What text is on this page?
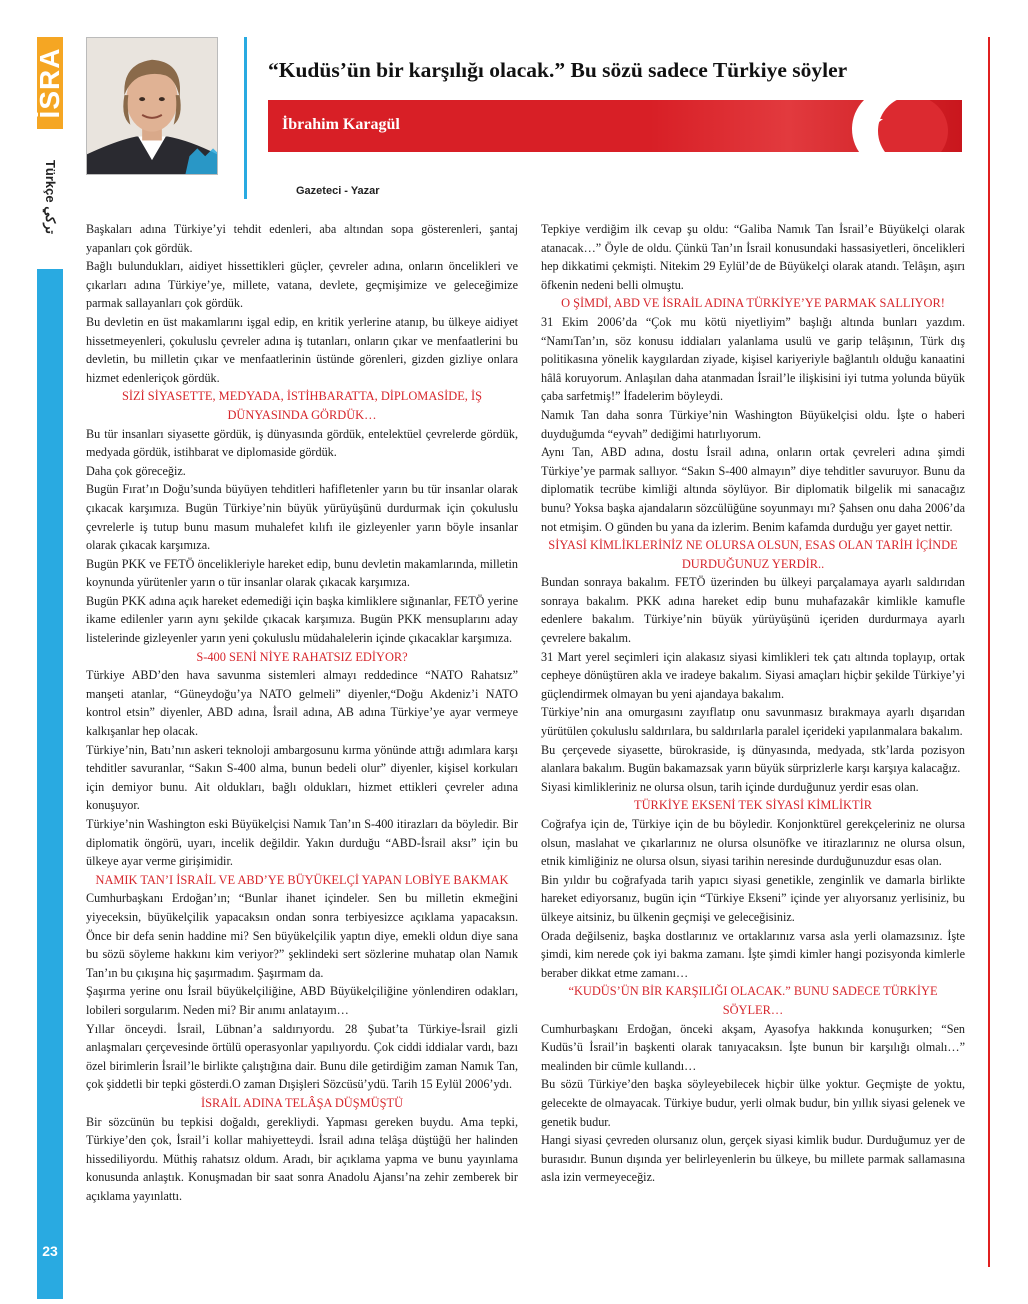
İSRA
Türkçe تركي
23
“Kudüs’ün bir karşılığı olacak.” Bu sözü sadece Türkiye söyler
İbrahim Karagül
Gazeteci - Yazar

Başkaları adına Türkiye’yi tehdit edenleri, aba altından sopa gösterenleri, şantaj yapanları çok gördük.

Bağlı bulundukları, aidiyet hissettikleri güçler, çevreler adına, onların öncelikleri ve çıkarları adına Türkiye’ye, millete, vatana, devlete, geçmişimize ve geleceğimize parmak sallayanları çok gördük.

Bu devletin en üst makamlarını işgal edip, en kritik yerlerine atanıp, bu ülkeye aidiyet hissetmeyenleri, çokuluslu çevreler adına iş tutanları, onların çıkar ve menfaatlerini bu devletin, bu milletin çıkar ve menfaatlerinin üstünde görenleri, gizden gizliye onlara hizmet edenleriçok gördük.

SİZİ SİYASETTE, MEDYADA, İSTİHBARATTA, DİPLOMASİDE, İŞ DÜNYASINDA GÖRDÜK…

Bu tür insanları siyasette gördük, iş dünyasında gördük, entelektüel çevrelerde gördük, medyada gördük, istihbarat ve diplomaside gördük.

Daha çok göreceğiz.

Bugün Fırat’ın Doğu’sunda büyüyen tehditleri hafifletenler yarın bu tür insanlar olarak çıkacak karşımıza. Bugün Türkiye’nin büyük yürüyüşünü durdurmak için çokuluslu çevrelerle iş tutup bunu masum muhalefet kılıfı ile gizleyenler yarın böyle insanlar olarak çıkacak karşımıza.

Bugün PKK ve FETÖ öncelikleriyle hareket edip, bunu devletin makamlarında, milletin koynunda yürütenler yarın o tür insanlar olarak çıkacak karşımıza.

Bugün PKK adına açık hareket edemediği için başka kimliklere sığınanlar, FETÖ yerine ikame edilenler yarın aynı şekilde çıkacak karşımıza. Bugün PKK mensuplarını aday listelerinde gizleyenler yarın yeni çokuluslu müdahalelerin içinde çıkacaklar karşımıza.

S-400 SENİ NİYE RAHATSIZ EDİYOR?

Türkiye ABD’den hava savunma sistemleri almayı reddedince “NATO Rahatsız” manşeti atanlar, “Güneydoğu’ya NATO gelmeli” diyenler,“Doğu Akdeniz’i NATO kontrol etsin” diyenler, ABD adına, İsrail adına, AB adına Türkiye’ye ayar vermeye kalkışanlar hep olacak.

Türkiye’nin, Batı’nın askeri teknoloji ambargosunu kırma yönünde attığı adımlara karşı tehditler savuranlar, “Sakın S-400 alma, bunun bedeli olur” diyenler, kişisel korkuları için demiyor bunu. Ait oldukları, bağlı oldukları, hizmet ettikleri çevreler adına konuşuyor.

Türkiye’nin Washington eski Büyükelçisi Namık Tan’ın S-400 itirazları da böyledir. Bir diplomatik öngörü, uyarı, incelik değildir. Yakın durduğu “ABD-İsrail aksı” için bu ülkeye ayar verme girişimidir.

NAMIK TAN’I İSRAİL VE ABD’YE BÜYÜKELÇİ YAPAN LOBİYE BAKMAK

Cumhurbaşkanı Erdoğan’ın; “Bunlar ihanet içindeler. Sen bu milletin ekmeğini yiyeceksin, büyükelçilik yapacaksın ondan sonra terbiyesizce açıklama yapacaksın. Önce bir defa senin haddine mi? Sen büyükelçilik yaptın diye, emekli oldun diye sana bu sözü söyleme hakkını kim veriyor?” şeklindeki sert sözlerine muhatap olan Namık Tan’ın bu çıkışına hiç şaşırmadım. Şaşırmam da.

Şaşırma yerine onu İsrail büyükelçiliğine, ABD Büyükelçiliğine yönlendiren odakları, lobileri sorgularım. Neden mi? Bir anımı anlatayım…

Yıllar önceydi. İsrail, Lübnan’a saldırıyordu. 28 Şubat’ta Türkiye-İsrail gizli anlaşmaları çerçevesinde örtülü operasyonlar yapılıyordu. Çok ciddi iddialar vardı, bazı özel birimlerin İsrail’le birlikte çalıştığına dair. Bunu dile getirdiğim zaman Namık Tan, çok şiddetli bir tepki gösterdi.O zaman Dışişleri Sözcüsü’ydü. Tarih 15 Eylül 2006’ydı.

İSRAİL ADINA TELÂŞA DÜŞMÜŞTÜ

Bir sözcünün bu tepkisi doğaldı, gerekliydi. Yapması gereken buydu. Ama tepki, Türkiye’den çok, İsrail’i kollar mahiyetteydi. İsrail adına telâşa düştüğü her halinden hissediliyordu. Müthiş rahatsız oldum. Aradı, bir açıklama yapma ve bunu yayınlama konusunda anlaştık. Konuşmadan bir saat sonra Anadolu Ajansı’na zehir zemberek bir açıklama yayınlattı.

Tepkiye verdiğim ilk cevap şu oldu: “Galiba Namık Tan İsrail’e Büyükelçi olarak atanacak…” Öyle de oldu. Çünkü Tan’ın İsrail konusundaki hassasiyetleri, öncelikleri hep dikkatimi çekmişti. Nitekim 29 Eylül’de de Büyükelçi olarak atandı. Telâşın, aşırı öfkenin nedeni belli olmuştu.

O ŞİMDİ, ABD VE İSRAİL ADINA TÜRKİYE’YE PARMAK SALLIYOR!

31 Ekim 2006’da “Çok mu kötü niyetliyim” başlığı altında bunları yazdım. “NamıTan’ın, söz konusu iddiaları yalanlama usulü ve garip telâşının, Türk dış politikasına yönelik kaygılardan ziyade, kişisel kariyeriyle bağlantılı olduğu kanaatini hâlâ koruyorum. Anlaşılan daha atanmadan İsrail’le ilişkisini iyi tutma yolunda büyük çaba sarfetmiş!” İfadelerim böyleydi.

Namık Tan daha sonra Türkiye’nin Washington Büyükelçisi oldu. İşte o haberi duyduğumda “eyvah” dediğimi hatırlıyorum.

Aynı Tan, ABD adına, dostu İsrail adına, onların ortak çevreleri adına şimdi Türkiye’ye parmak sallıyor. “Sakın S-400 almayın” diye tehditler savuruyor. Bunu da diplomatik tecrübe kimliği altında söylüyor. Bir diplomatik bilgelik mi sanacağız bunu? Yoksa başka ajandaların sözcülüğüne soyunmayı mı? Şahsen onu daha 2006’da not etmişim. O günden bu yana da izlerim. Benim kafamda durduğu yer gayet nettir.

SİYASİ KİMLİKLERİNİZ NE OLURSA OLSUN, ESAS OLAN TARİH İÇİNDE DURDUĞUNUZ YERDİR..

Bundan sonraya bakalım. FETÖ üzerinden bu ülkeyi parçalamaya ayarlı saldırıdan sonraya bakalım. PKK adına hareket edip bunu muhafazakâr kimlikle kamufle edenlere bakalım. Türkiye’nin büyük yürüyüşünü içeriden durdurmaya ayarlı çevrelere bakalım.

31 Mart yerel seçimleri için alakasız siyasi kimlikleri tek çatı altında toplayıp, ortak cepheye dönüştüren akla ve iradeye bakalım. Siyasi amaçları hiçbir şekilde Türkiye’yi güçlendirmek olmayan bu yeni ajandaya bakalım.

Türkiye’nin ana omurgasını zayıflatıp onu savunmasız bırakmaya ayarlı dışarıdan yürütülen çokuluslu saldırılara, bu saldırılarla paralel içerideki yapılanmalara bakalım.

Bu çerçevede siyasette, bürokraside, iş dünyasında, medyada, stk’larda pozisyon alanlara bakalım. Bugün bakamazsak yarın büyük sürprizlerle karşı karşıya kalacağız.

Siyasi kimlikleriniz ne olursa olsun, tarih içinde durduğunuz yerdir esas olan.

TÜRKİYE EKSENİ TEK SİYASİ KİMLİKTİR

Coğrafya için de, Türkiye için de bu böyledir. Konjonktürel gerekçeleriniz ne olursa olsun, maslahat ve çıkarlarınız ne olursa olsunöfke ve itirazlarınız ne olursa olsun, etnik kimliğiniz ne olursa olsun, siyasi tarihin neresinde durduğunuzdur esas olan.

Bin yıldır bu coğrafyada tarih yapıcı siyasi genetikle, zenginlik ve damarla birlikte hareket ediyorsanız, bugün için “Türkiye Ekseni” içinde yer alıyorsanız yerlisiniz, bu ülkeye aitsiniz, bu ülkenin geçmişi ve geleceğisiniz.

Orada değilseniz, başka dostlarınız ve ortaklarınız varsa asla yerli olamazsınız. İşte şimdi, kim nerede çok iyi bakma zamanı. İşte şimdi kimler hangi pozisyonda kimlerle beraber dikkat etme zamanı…

“KUDÜS’ÜN BİR KARŞILIĞI OLACAK.” BUNU SADECE TÜRKİYE SÖYLER…

Cumhurbaşkanı Erdoğan, önceki akşam, Ayasofya hakkında konuşurken; “Sen Kudüs’ü İsrail’in başkenti olarak tanıyacaksın. İşte bunun bir karşılığı olmalı…” mealinden bir cümle kullandı…

Bu sözü Türkiye’den başka söyleyebilecek hiçbir ülke yoktur. Geçmişte de yoktu, gelecekte de olmayacak. Türkiye budur, yerli olmak budur, bin yıllık siyasi gelenek ve genetik budur.

Hangi siyasi çevreden olursanız olun, gerçek siyasi kimlik budur. Durduğumuz yer de burasıdır. Bunun dışında yer belirleyenlerin bu ülkeye, bu millete parmak sallamasına asla izin vermeyeceğiz.
